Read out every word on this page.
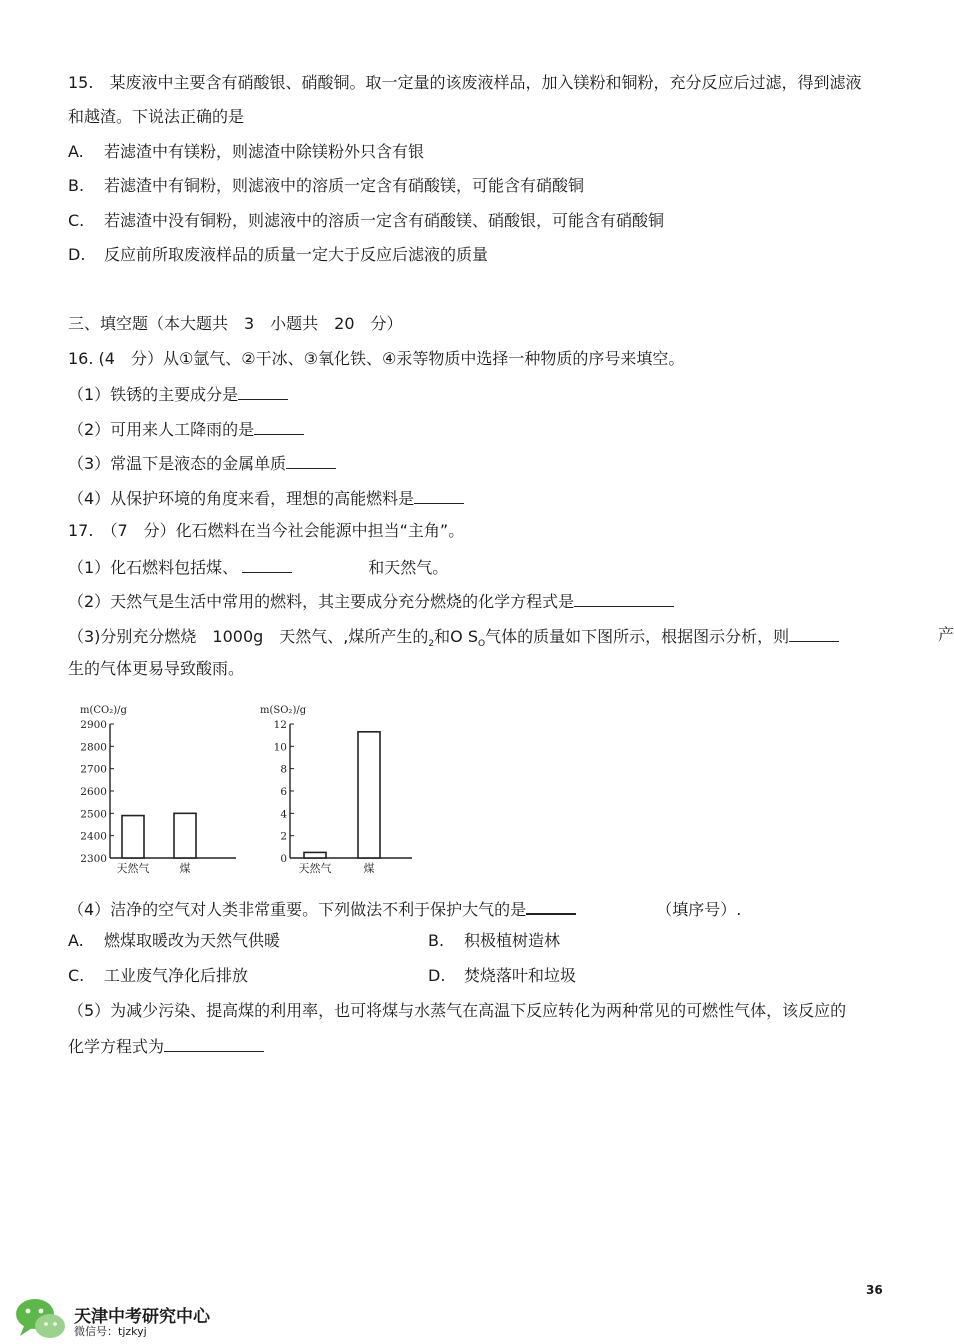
15.　某废液中主要含有硝酸银、硝酸铜。取一定量的该废液样品，加入镁粉和铜粉，充分反应后过滤，得到滤液
和越渣。下说法正确的是
A. 若滤渣中有镁粉，则滤渣中除镁粉外只含有银
B. 若滤渣中有铜粉，则滤液中的溶质一定含有硝酸镁，可能含有硝酸铜
C. 若滤渣中没有铜粉，则滤液中的溶质一定含有硝酸镁、硝酸银，可能含有硝酸铜
D. 反应前所取废液样品的质量一定大于反应后滤液的质量
三、填空题（本大题共　3　小题共　20　分）
16. (4　分）从①氩气、②干冰、③氧化铁、④汞等物质中选择一种物质的序号来填空。
（1）铁锈的主要成分是
（2）可用来人工降雨的是
（3）常温下是液态的金属单质
（4）从保护环境的角度来看，理想的高能燃料是
17.　（7　分）化石燃料在当今社会能源中担当“主角”。
（1）化石燃料包括煤、	和天然气。
（2）天然气是生活中常用的燃料，其主要成分充分燃烧的化学方程式是
（3)分别充分燃烧　1000g　天然气、,煤所产生的$_2$和O $S_O$气体的质量如下图所示，根据图示分析，则	产
生的气体更易导致酸雨。
m(CO₂)/g
2300
2400
2500
2600
2700
2800
2900
天然气	煤
m(SO₂)/g
0
2
4
6
8
10
12
天然气	煤
（4）洁净的空气对人类非常重要。下列做法不利于保护大气的是	（填序号）.
A. 燃煤取暖改为天然气供暖	B. 积极植树造林
C. 工业废气净化后排放	D. 焚烧落叶和垃圾
（5）为减少污染、提高煤的利用率，也可将煤与水蒸气在高温下反应转化为两种常见的可燃性气体，该反应的
化学方程式为
天津中考研究中心
微信号：tjzkyj
36
